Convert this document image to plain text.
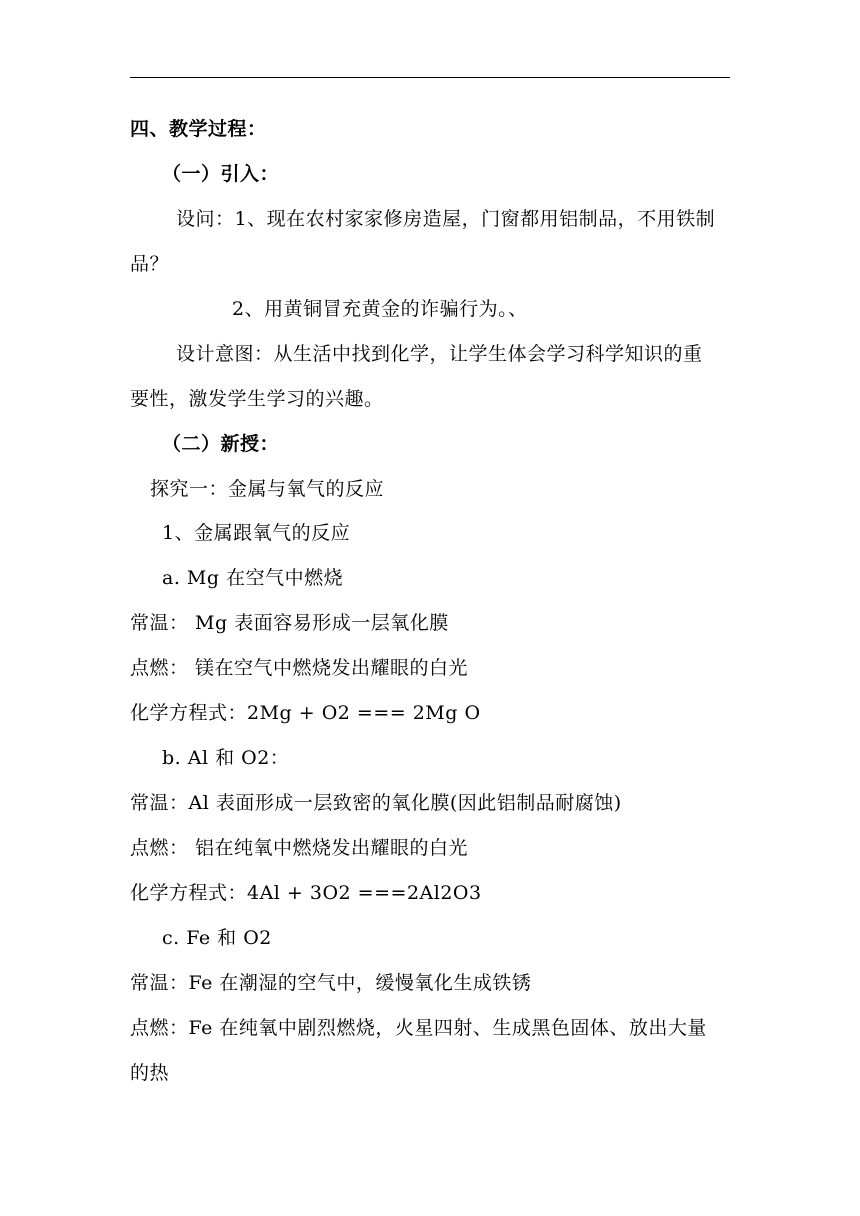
四、教学过程：
（一）引入：
设问：1、现在农村家家修房造屋，门窗都用铝制品，不用铁制
品？
2、用黄铜冒充黄金的诈骗行为。、
设计意图：从生活中找到化学，让学生体会学习科学知识的重
要性，激发学生学习的兴趣。
（二）新授：
探究一：金属与氧气的反应
1、金属跟氧气的反应
a. Mg 在空气中燃烧
常温： Mg 表面容易形成一层氧化膜
点燃： 镁在空气中燃烧发出耀眼的白光
化学方程式：2Mg + O2 === 2Mg O
b. Al 和 O2：
常温：Al 表面形成一层致密的氧化膜(因此铝制品耐腐蚀)
点燃： 铝在纯氧中燃烧发出耀眼的白光
化学方程式：4Al + 3O2 ===2Al2O3
c. Fe 和 O2
常温：Fe 在潮湿的空气中，缓慢氧化生成铁锈
点燃：Fe 在纯氧中剧烈燃烧，火星四射、生成黑色固体、放出大量
的热
